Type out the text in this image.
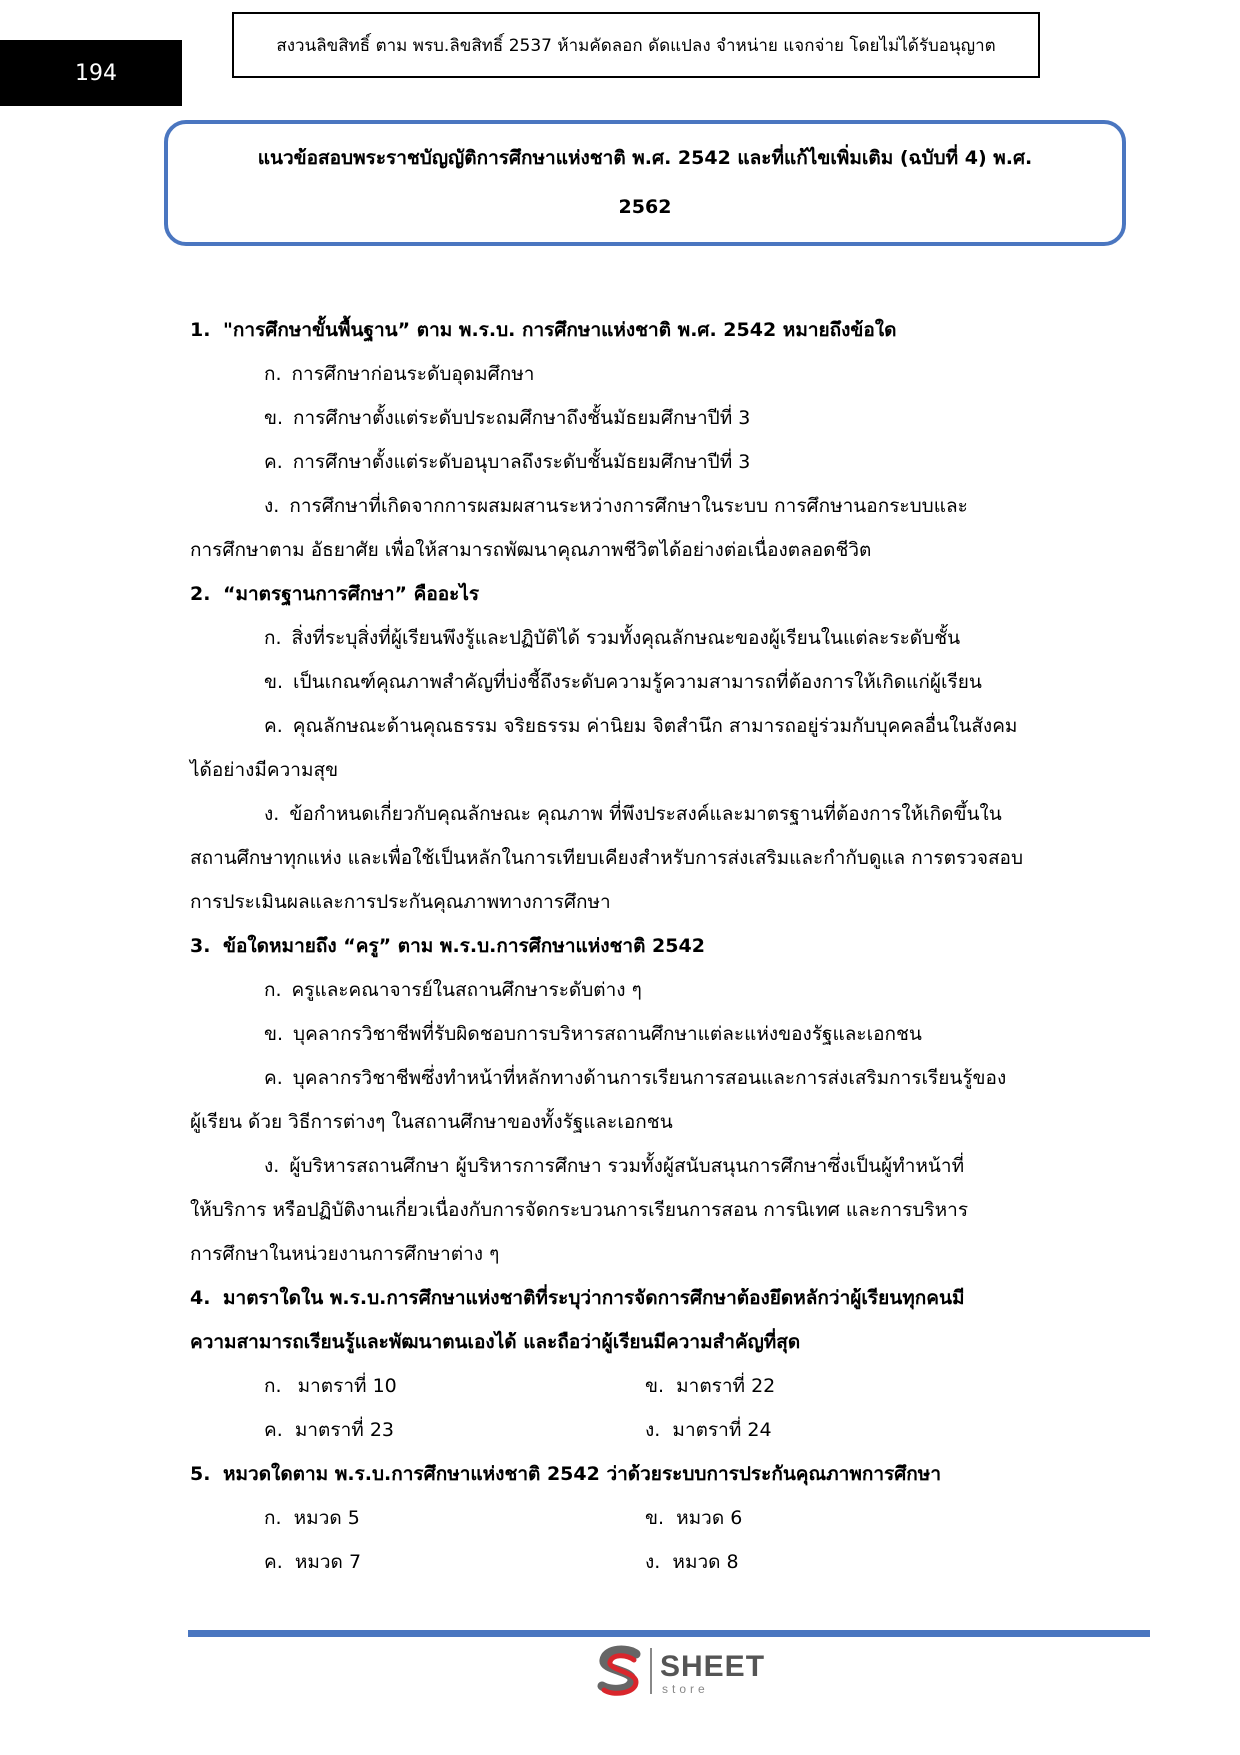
194
สงวนลิขสิทธิ์ ตาม พรบ.ลิขสิทธิ์ 2537 ห้ามคัดลอก ดัดแปลง จำหน่าย แจกจ่าย โดยไม่ได้รับอนุญาต
แนวข้อสอบพระราชบัญญัติการศึกษาแห่งชาติ พ.ศ. 2542 และที่แก้ไขเพิ่มเติม (ฉบับที่ 4) พ.ศ.
2562
1. "การศึกษาขั้นพื้นฐาน” ตาม พ.ร.บ. การศึกษาแห่งชาติ พ.ศ. 2542 หมายถึงข้อใด
ก. การศึกษาก่อนระดับอุดมศึกษา
ข. การศึกษาตั้งแต่ระดับประถมศึกษาถึงชั้นมัธยมศึกษาปีที่ 3
ค. การศึกษาตั้งแต่ระดับอนุบาลถึงระดับชั้นมัธยมศึกษาปีที่ 3
ง. การศึกษาที่เกิดจากการผสมผสานระหว่างการศึกษาในระบบ การศึกษานอกระบบและ
การศึกษาตาม อัธยาศัย เพื่อให้สามารถพัฒนาคุณภาพชีวิตได้อย่างต่อเนื่องตลอดชีวิต
2. “มาตรฐานการศึกษา” คืออะไร
ก. สิ่งที่ระบุสิ่งที่ผู้เรียนพึงรู้และปฏิบัติได้ รวมทั้งคุณลักษณะของผู้เรียนในแต่ละระดับชั้น
ข. เป็นเกณฑ์คุณภาพสำคัญที่บ่งชี้ถึงระดับความรู้ความสามารถที่ต้องการให้เกิดแก่ผู้เรียน
ค. คุณลักษณะด้านคุณธรรม จริยธรรม ค่านิยม จิตสำนึก สามารถอยู่ร่วมกับบุคคลอื่นในสังคม
ได้อย่างมีความสุข
ง. ข้อกำหนดเกี่ยวกับคุณลักษณะ คุณภาพ ที่พึงประสงค์และมาตรฐานที่ต้องการให้เกิดขึ้นใน
สถานศึกษาทุกแห่ง และเพื่อใช้เป็นหลักในการเทียบเคียงสำหรับการส่งเสริมและกำกับดูแล การตรวจสอบ
การประเมินผลและการประกันคุณภาพทางการศึกษา
3. ข้อใดหมายถึง “ครู” ตาม พ.ร.บ.การศึกษาแห่งชาติ 2542
ก. ครูและคณาจารย์ในสถานศึกษาระดับต่าง ๆ
ข. บุคลากรวิชาชีพที่รับผิดชอบการบริหารสถานศึกษาแต่ละแห่งของรัฐและเอกชน
ค. บุคลากรวิชาชีพซึ่งทำหน้าที่หลักทางด้านการเรียนการสอนและการส่งเสริมการเรียนรู้ของ
ผู้เรียน ด้วย วิธีการต่างๆ ในสถานศึกษาของทั้งรัฐและเอกชน
ง. ผู้บริหารสถานศึกษา ผู้บริหารการศึกษา รวมทั้งผู้สนับสนุนการศึกษาซึ่งเป็นผู้ทำหน้าที่
ให้บริการ หรือปฏิบัติงานเกี่ยวเนื่องกับการจัดกระบวนการเรียนการสอน การนิเทศ และการบริหาร
การศึกษาในหน่วยงานการศึกษาต่าง ๆ
4. มาตราใดใน พ.ร.บ.การศึกษาแห่งชาติที่ระบุว่าการจัดการศึกษาต้องยึดหลักว่าผู้เรียนทุกคนมี
ความสามารถเรียนรู้และพัฒนาตนเองได้ และถือว่าผู้เรียนมีความสำคัญที่สุด
ก. มาตราที่ 10	ข. มาตราที่ 22
ค.  มาตราที่ 23	ง.  มาตราที่ 24
5. หมวดใดตาม พ.ร.บ.การศึกษาแห่งชาติ 2542 ว่าด้วยระบบการประกันคุณภาพการศึกษา
ก. หมวด 5	ข. หมวด 6
ค. หมวด 7	ง. หมวด 8
SHEET
store
